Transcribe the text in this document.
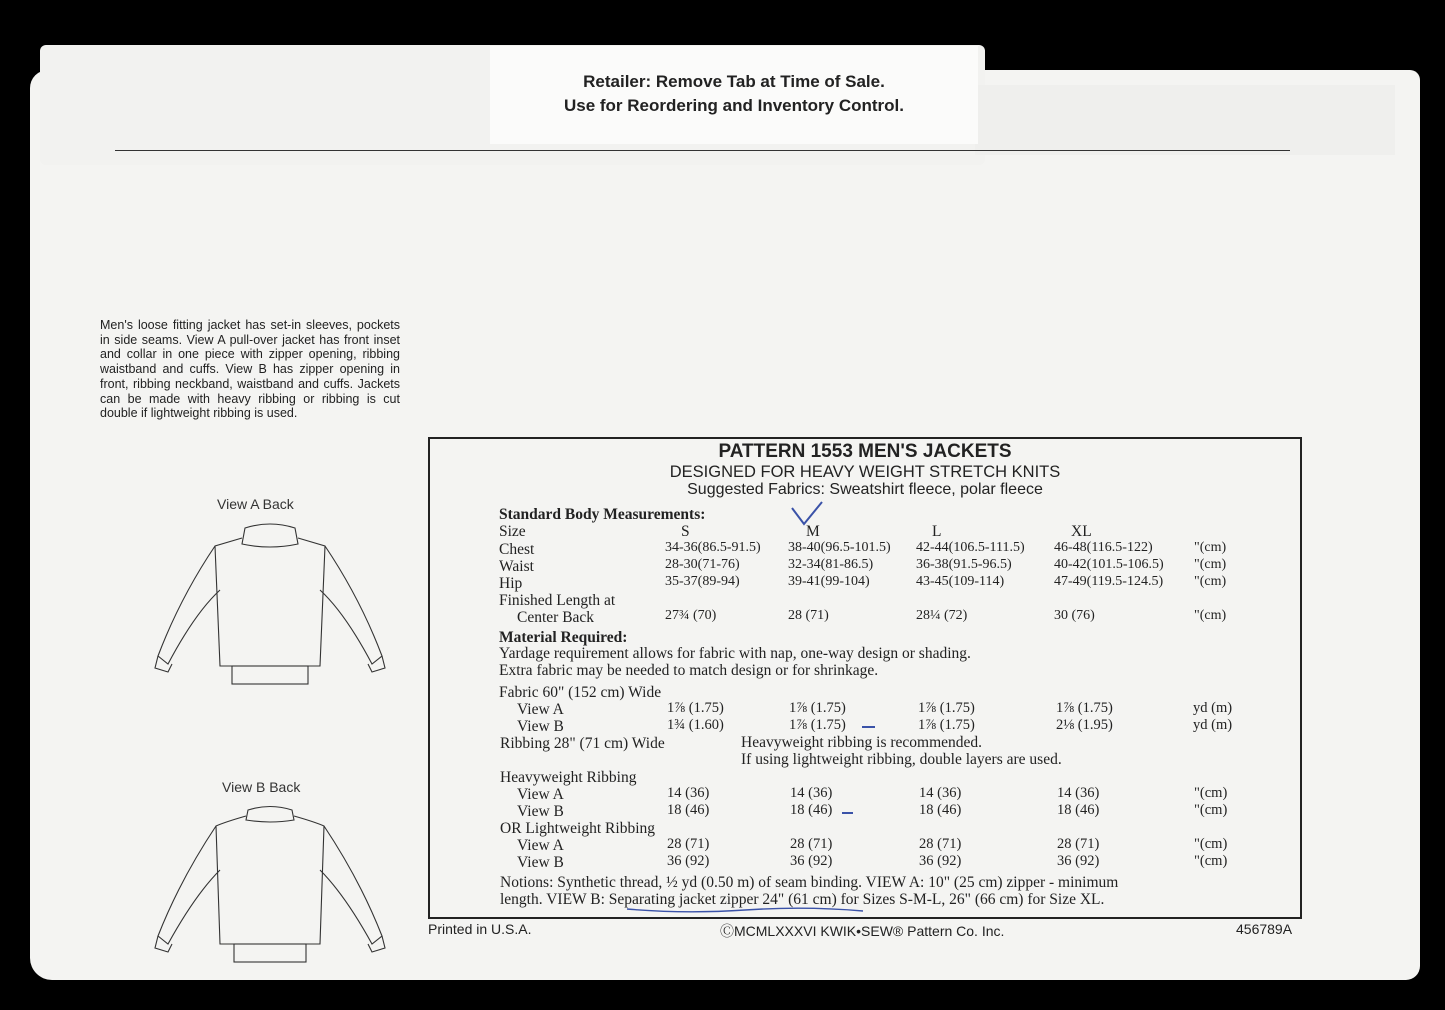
Retailer: Remove Tab at Time of Sale.
Use for Reordering and Inventory Control.
Men's loose fitting jacket has set-in sleeves, pockets in side seams. View A pull-over jacket has front inset and collar in one piece with zipper opening, ribbing waistband and cuffs. View B has zipper opening in front, ribbing neckband, waistband and cuffs. Jackets can be made with heavy ribbing or ribbing is cut double if lightweight ribbing is used.
View A Back
View B Back
PATTERN 1553 MEN'S JACKETS
DESIGNED FOR HEAVY WEIGHT STRETCH KNITS
Suggested Fabrics: Sweatshirt fleece, polar fleece
Standard Body Measurements:
Size	S	M	L	XL
Chest	34-36(86.5-91.5) 38-40(96.5-101.5) 42-44(106.5-111.5) 46-48(116.5-122)	"(cm)
Waist	28-30(71-76)	32-34(81-86.5)	36-38(91.5-96.5)	40-42(101.5-106.5) "(cm)
Hip	35-37(89-94)	39-41(99-104)	43-45(109-114)	47-49(119.5-124.5) "(cm)
Finished Length at
Center Back	27¾ (70)	28 (71)	28¼ (72)	30 (76)	"(cm)
Material Required:
Yardage requirement allows for fabric with nap, one-way design or shading.
Extra fabric may be needed to match design or for shrinkage.
Fabric 60" (152 cm) Wide
View A	1⅞ (1.75)	1⅞ (1.75)	1⅞ (1.75)	1⅞ (1.75)	yd (m)
View B	1¾ (1.60)	1⅞ (1.75)	1⅞ (1.75)	2⅛ (1.95)	yd (m)
Ribbing 28" (71 cm) Wide	Heavyweight ribbing is recommended.
If using lightweight ribbing, double layers are used.
Heavyweight Ribbing
View A	14 (36)	14 (36)	14 (36)	14 (36)	"(cm)
View B	18 (46)	18 (46)	18 (46)	18 (46)	"(cm)
OR Lightweight Ribbing
View A	28 (71)	28 (71)	28 (71)	28 (71)	"(cm)
View B	36 (92)	36 (92)	36 (92)	36 (92)	"(cm)
Notions: Synthetic thread, ½ yd (0.50 m) of seam binding. VIEW A: 10" (25 cm) zipper - minimum
length. VIEW B: Separating jacket zipper 24" (61 cm) for Sizes S-M-L, 26" (66 cm) for Size XL.
Printed in U.S.A.	ⒸMCMLXXXVI KWIK•SEW® Pattern Co. Inc.	456789A
